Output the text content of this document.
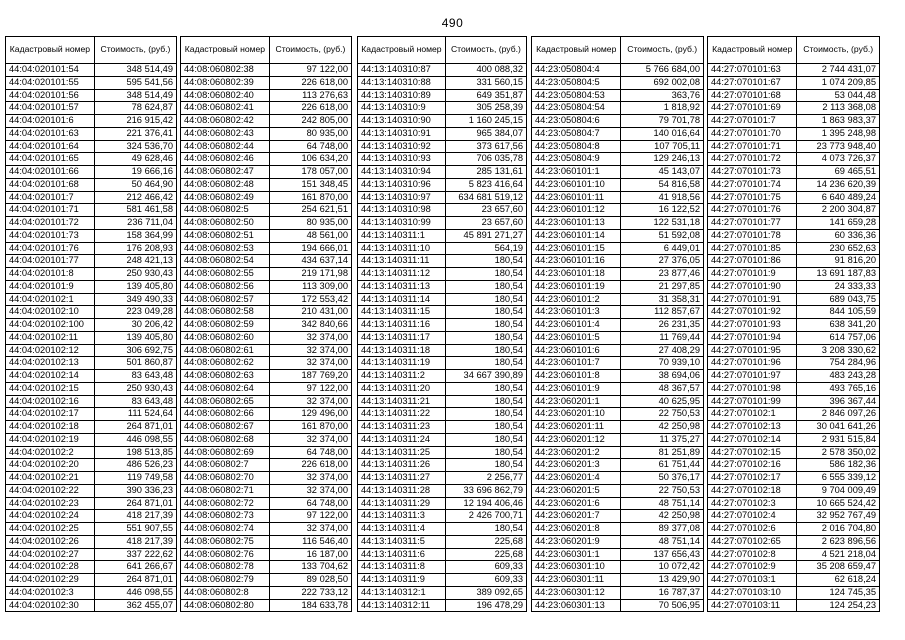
490
Кадастровый номер	Стоимость, (руб.)
44:04:020101:54	348 514,49
44:04:020101:55	595 541,56
44:04:020101:56	348 514,49
44:04:020101:57	78 624,87
44:04:020101:6	216 915,42
44:04:020101:63	221 376,41
44:04:020101:64	324 536,70
44:04:020101:65	49 628,46
44:04:020101:66	19 666,16
44:04:020101:68	50 464,90
44:04:020101:7	212 466,42
44:04:020101:71	581 461,58
44:04:020101:72	236 711,04
44:04:020101:73	158 364,99
44:04:020101:76	176 208,93
44:04:020101:77	248 421,13
44:04:020101:8	250 930,43
44:04:020101:9	139 405,80
44:04:020102:1	349 490,33
44:04:020102:10	223 049,28
44:04:020102:100	30 206,42
44:04:020102:11	139 405,80
44:04:020102:12	306 692,75
44:04:020102:13	501 860,87
44:04:020102:14	83 643,48
44:04:020102:15	250 930,43
44:04:020102:16	83 643,48
44:04:020102:17	111 524,64
44:04:020102:18	264 871,01
44:04:020102:19	446 098,55
44:04:020102:2	198 513,85
44:04:020102:20	486 526,23
44:04:020102:21	119 749,58
44:04:020102:22	390 336,23
44:04:020102:23	264 871,01
44:04:020102:24	418 217,39
44:04:020102:25	551 907,55
44:04:020102:26	418 217,39
44:04:020102:27	337 222,62
44:04:020102:28	641 266,67
44:04:020102:29	264 871,01
44:04:020102:3	446 098,55
44:04:020102:30	362 455,07
Кадастровый номер	Стоимость, (руб.)
44:08:060802:38	97 122,00
44:08:060802:39	226 618,00
44:08:060802:40	113 276,63
44:08:060802:41	226 618,00
44:08:060802:42	242 805,00
44:08:060802:43	80 935,00
44:08:060802:44	64 748,00
44:08:060802:46	106 634,20
44:08:060802:47	178 057,00
44:08:060802:48	151 348,45
44:08:060802:49	161 870,00
44:08:060802:5	254 621,51
44:08:060802:50	80 935,00
44:08:060802:51	48 561,00
44:08:060802:53	194 666,01
44:08:060802:54	434 637,14
44:08:060802:55	219 171,98
44:08:060802:56	113 309,00
44:08:060802:57	172 553,42
44:08:060802:58	210 431,00
44:08:060802:59	342 840,66
44:08:060802:60	32 374,00
44:08:060802:61	32 374,00
44:08:060802:62	32 374,00
44:08:060802:63	187 769,20
44:08:060802:64	97 122,00
44:08:060802:65	32 374,00
44:08:060802:66	129 496,00
44:08:060802:67	161 870,00
44:08:060802:68	32 374,00
44:08:060802:69	64 748,00
44:08:060802:7	226 618,00
44:08:060802:70	32 374,00
44:08:060802:71	32 374,00
44:08:060802:72	64 748,00
44:08:060802:73	97 122,00
44:08:060802:74	32 374,00
44:08:060802:75	116 546,40
44:08:060802:76	16 187,00
44:08:060802:78	133 704,62
44:08:060802:79	89 028,50
44:08:060802:8	222 733,12
44:08:060802:80	184 633,78
Кадастровый номер	Стоимость, (руб.)
44:13:140310:87	400 088,32
44:13:140310:88	331 560,15
44:13:140310:89	649 351,87
44:13:140310:9	305 258,39
44:13:140310:90	1 160 245,15
44:13:140310:91	965 384,07
44:13:140310:92	373 617,56
44:13:140310:93	706 035,78
44:13:140310:94	285 131,61
44:13:140310:96	5 823 416,64
44:13:140310:97	634 681 519,12
44:13:140310:98	23 657,60
44:13:140310:99	23 657,60
44:13:140311:1	45 891 271,27
44:13:140311:10	564,19
44:13:140311:11	180,54
44:13:140311:12	180,54
44:13:140311:13	180,54
44:13:140311:14	180,54
44:13:140311:15	180,54
44:13:140311:16	180,54
44:13:140311:17	180,54
44:13:140311:18	180,54
44:13:140311:19	180,54
44:13:140311:2	34 667 390,89
44:13:140311:20	180,54
44:13:140311:21	180,54
44:13:140311:22	180,54
44:13:140311:23	180,54
44:13:140311:24	180,54
44:13:140311:25	180,54
44:13:140311:26	180,54
44:13:140311:27	2 256,77
44:13:140311:28	33 696 862,79
44:13:140311:29	12 194 406,46
44:13:140311:3	2 426 700,71
44:13:140311:4	180,54
44:13:140311:5	225,68
44:13:140311:6	225,68
44:13:140311:8	609,33
44:13:140311:9	609,33
44:13:140312:1	389 092,65
44:13:140312:11	196 478,29
Кадастровый номер	Стоимость, (руб.)
44:23:050804:4	5 766 684,00
44:23:050804:5	692 002,08
44:23:050804:53	363,76
44:23:050804:54	1 818,92
44:23:050804:6	79 701,78
44:23:050804:7	140 016,64
44:23:050804:8	107 705,11
44:23:050804:9	129 246,13
44:23:060101:1	45 143,07
44:23:060101:10	54 816,58
44:23:060101:11	41 918,56
44:23:060101:12	16 122,52
44:23:060101:13	122 531,18
44:23:060101:14	51 592,08
44:23:060101:15	6 449,01
44:23:060101:16	27 376,05
44:23:060101:18	23 877,46
44:23:060101:19	21 297,85
44:23:060101:2	31 358,31
44:23:060101:3	112 857,67
44:23:060101:4	26 231,35
44:23:060101:5	11 769,44
44:23:060101:6	27 408,29
44:23:060101:7	70 939,10
44:23:060101:8	38 694,06
44:23:060101:9	48 367,57
44:23:060201:1	40 625,95
44:23:060201:10	22 750,53
44:23:060201:11	42 250,98
44:23:060201:12	11 375,27
44:23:060201:2	81 251,89
44:23:060201:3	61 751,44
44:23:060201:4	50 376,17
44:23:060201:5	22 750,53
44:23:060201:6	48 751,14
44:23:060201:7	42 250,98
44:23:060201:8	89 377,08
44:23:060201:9	48 751,14
44:23:060301:1	137 656,43
44:23:060301:10	10 072,42
44:23:060301:11	13 429,90
44:23:060301:12	16 787,37
44:23:060301:13	70 506,95
Кадастровый номер	Стоимость, (руб.)
44:27:070101:63	2 744 431,07
44:27:070101:67	1 074 209,85
44:27:070101:68	53 044,48
44:27:070101:69	2 113 368,08
44:27:070101:7	1 863 983,37
44:27:070101:70	1 395 248,98
44:27:070101:71	23 773 948,40
44:27:070101:72	4 073 726,37
44:27:070101:73	69 465,51
44:27:070101:74	14 236 620,39
44:27:070101:75	6 640 489,24
44:27:070101:76	2 200 304,87
44:27:070101:77	141 659,28
44:27:070101:78	60 336,36
44:27:070101:85	230 652,63
44:27:070101:86	91 816,20
44:27:070101:9	13 691 187,83
44:27:070101:90	24 333,33
44:27:070101:91	689 043,75
44:27:070101:92	844 105,59
44:27:070101:93	638 341,20
44:27:070101:94	614 757,06
44:27:070101:95	3 208 330,62
44:27:070101:96	754 284,96
44:27:070101:97	483 243,28
44:27:070101:98	493 765,16
44:27:070101:99	396 367,44
44:27:070102:1	2 846 097,26
44:27:070102:13	30 041 641,26
44:27:070102:14	2 931 515,84
44:27:070102:15	2 578 350,02
44:27:070102:16	586 182,36
44:27:070102:17	6 555 339,12
44:27:070102:18	9 704 009,49
44:27:070102:3	10 665 524,42
44:27:070102:4	32 952 767,49
44:27:070102:6	2 016 704,80
44:27:070102:65	2 623 896,56
44:27:070102:8	4 521 218,04
44:27:070102:9	35 208 659,47
44:27:070103:1	62 618,24
44:27:070103:10	124 745,35
44:27:070103:11	124 254,23
